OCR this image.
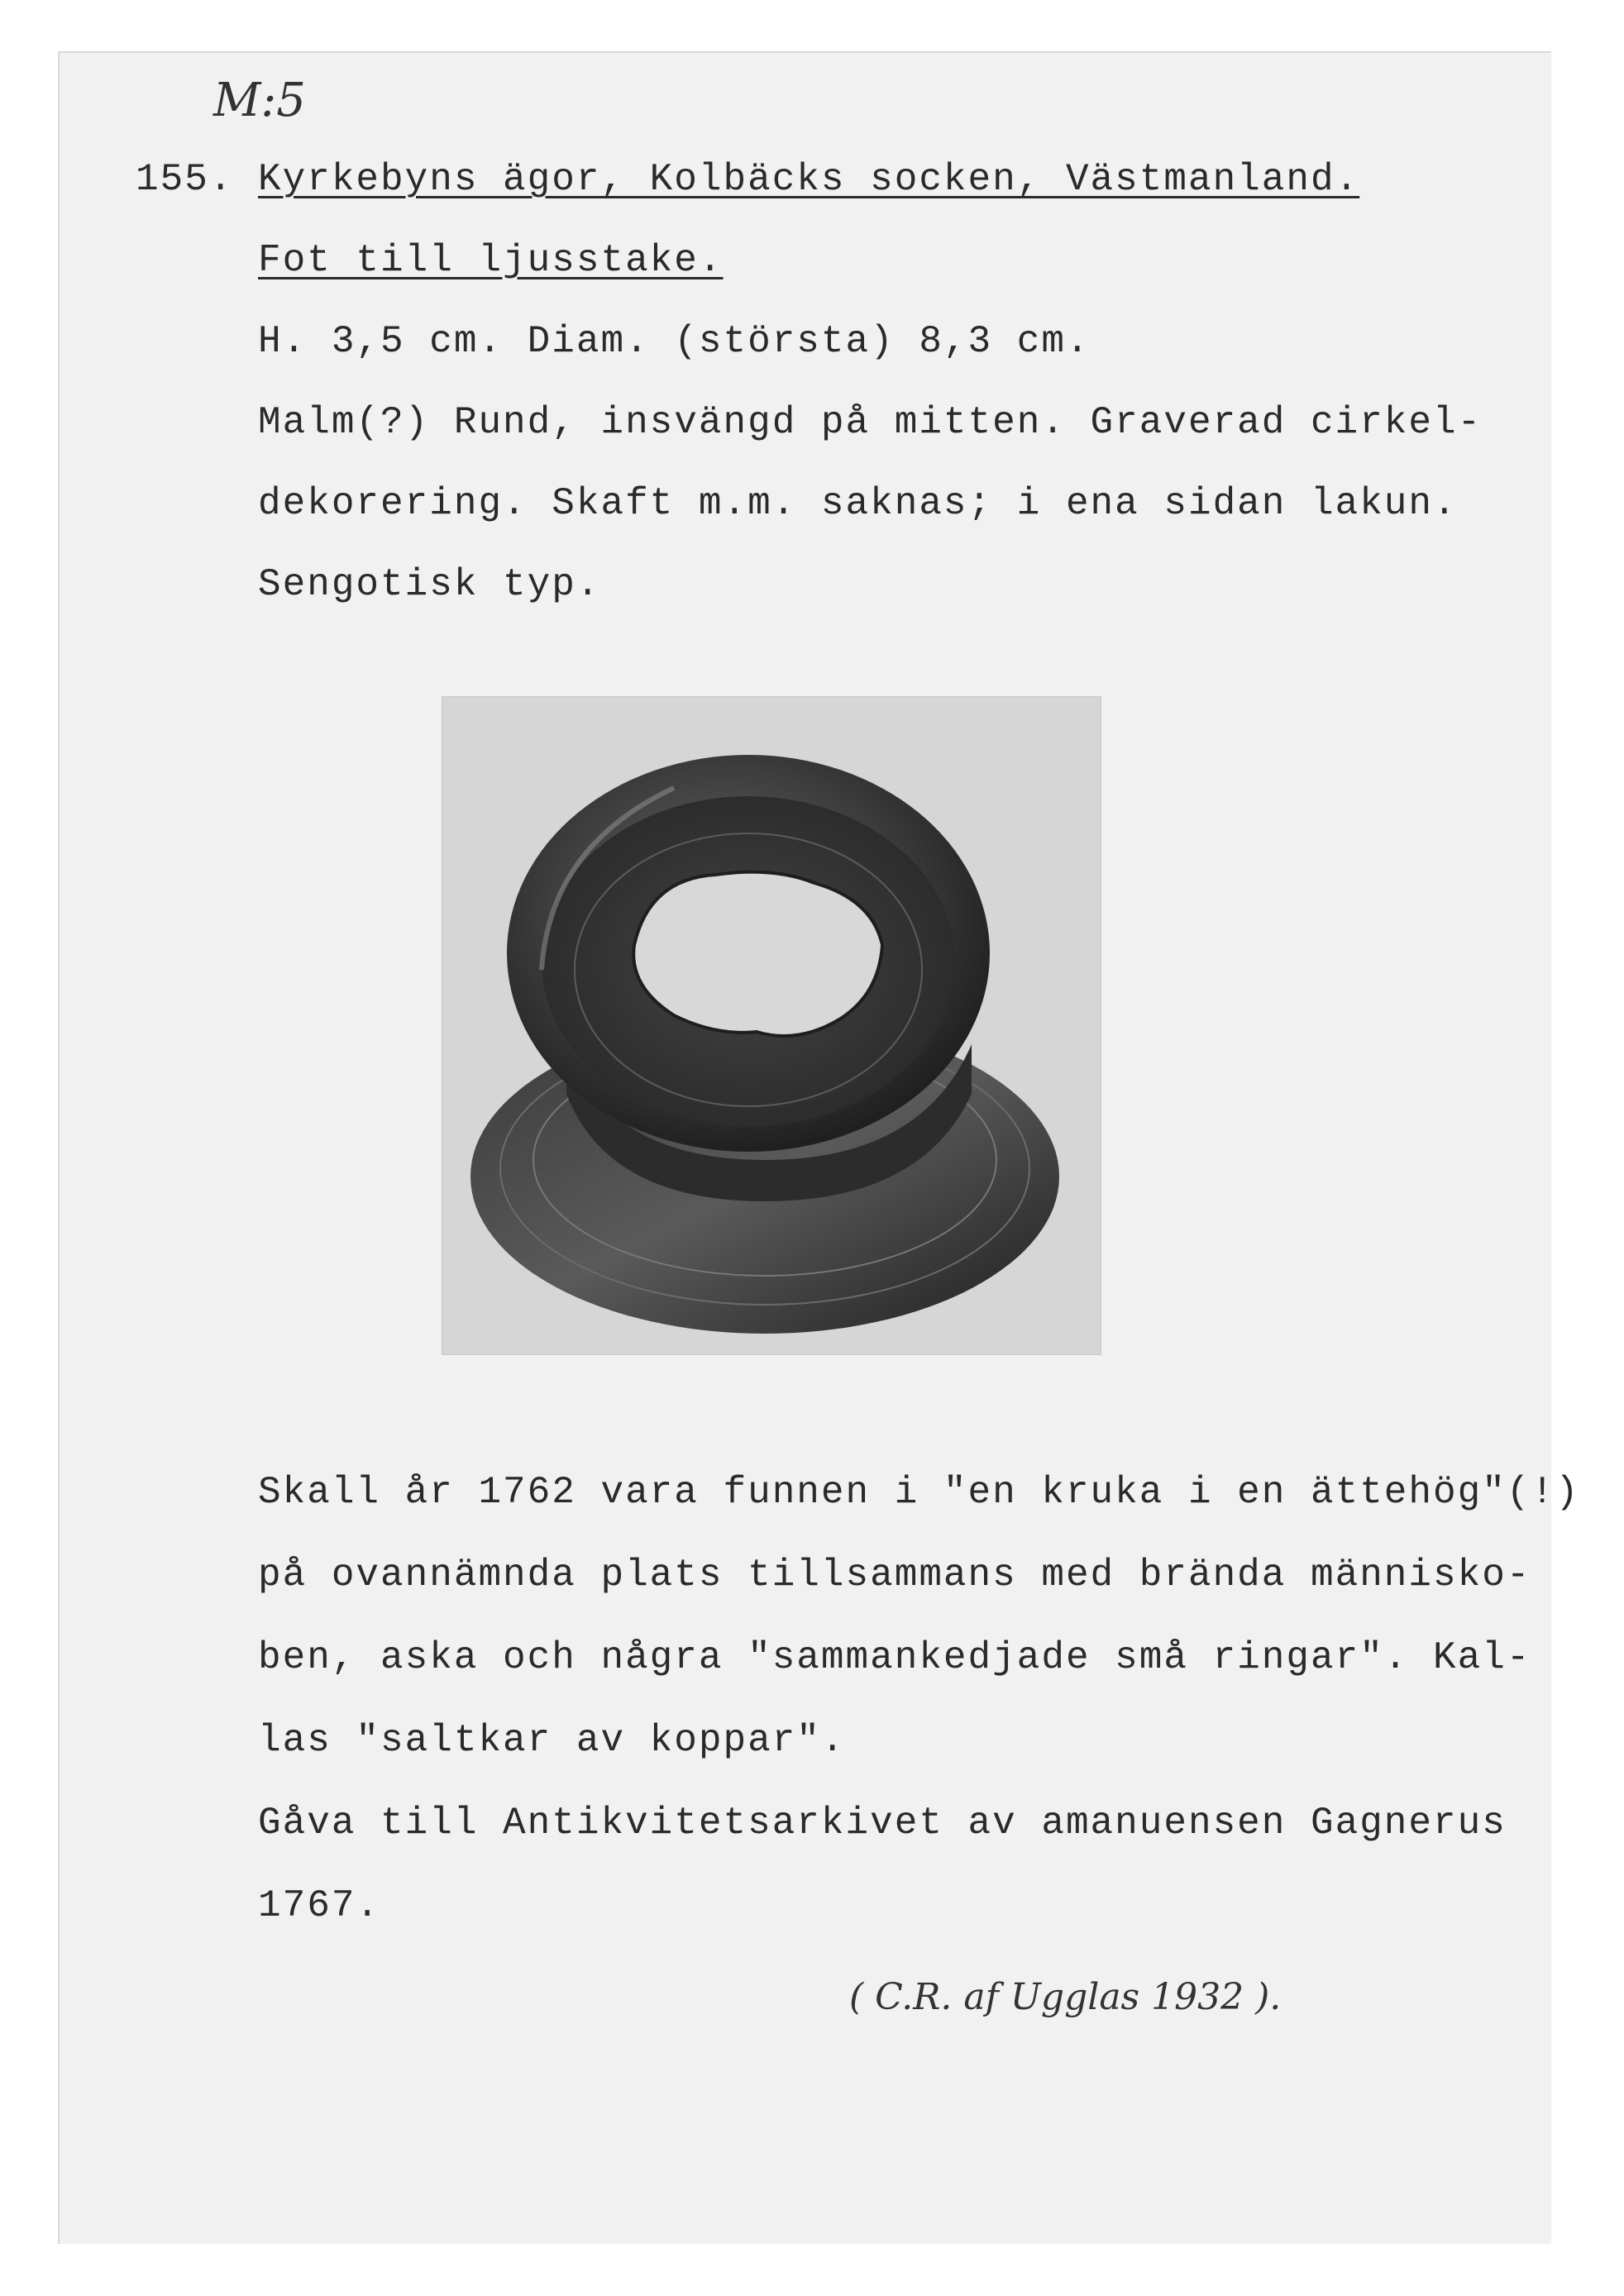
M:5
155. Kyrkebyns ägor, Kolbäcks socken, Västmanland.
Fot till ljusstake.
H. 3,5 cm. Diam. (största) 8,3 cm.
Malm(?) Rund, insvängd på mitten. Graverad cirkel-
dekorering. Skaft m.m. saknas; i ena sidan lakun.
Sengotisk typ.
Skall år 1762 vara funnen i "en kruka i en ättehög"(!)
på ovannämnda plats tillsammans med brända människo-
ben, aska och några "sammankedjade små ringar". Kal-
las "saltkar av koppar".
Gåva till Antikvitetsarkivet av amanuensen Gagnerus
1767.
( C.R. af Ugglas 1932 ).
